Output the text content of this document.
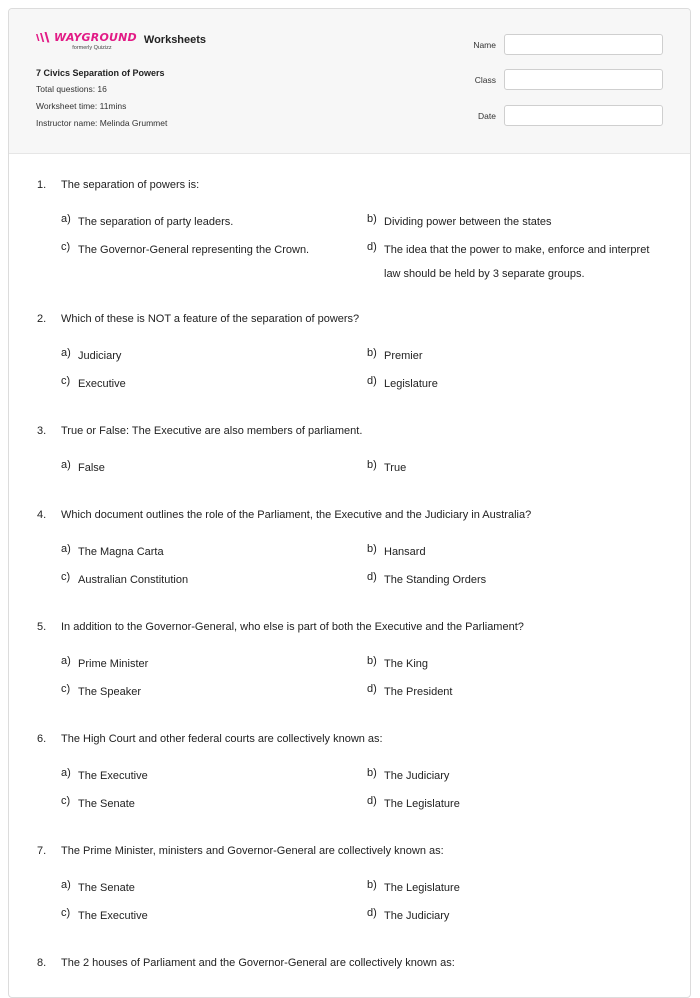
WAYGROUND
formerly Quizizz
Worksheets
7 Civics Separation of Powers
Total questions: 16
Worksheet time: 11mins
Instructor name: Melinda Grummet
Name
Class
Date
1. The separation of powers is:
a) The separation of party leaders.	b) Dividing power between the states
c) The Governor-General representing the Crown.	d) The idea that the power to make, enforce and interpret law should be held by 3 separate groups.
2. Which of these is NOT a feature of the separation of powers?
a) Judiciary	b) Premier
c) Executive	d) Legislature
3. True or False: The Executive are also members of parliament.
a) False	b) True
4. Which document outlines the role of the Parliament, the Executive and the Judiciary in Australia?
a) The Magna Carta	b) Hansard
c) Australian Constitution	d) The Standing Orders
5. In addition to the Governor-General, who else is part of both the Executive and the Parliament?
a) Prime Minister	b) The King
c) The Speaker	d) The President
6. The High Court and other federal courts are collectively known as:
a) The Executive	b) The Judiciary
c) The Senate	d) The Legislature
7. The Prime Minister, ministers and Governor-General are collectively known as:
a) The Senate	b) The Legislature
c) The Executive	d) The Judiciary
8. The 2 houses of Parliament and the Governor-General are collectively known as:
